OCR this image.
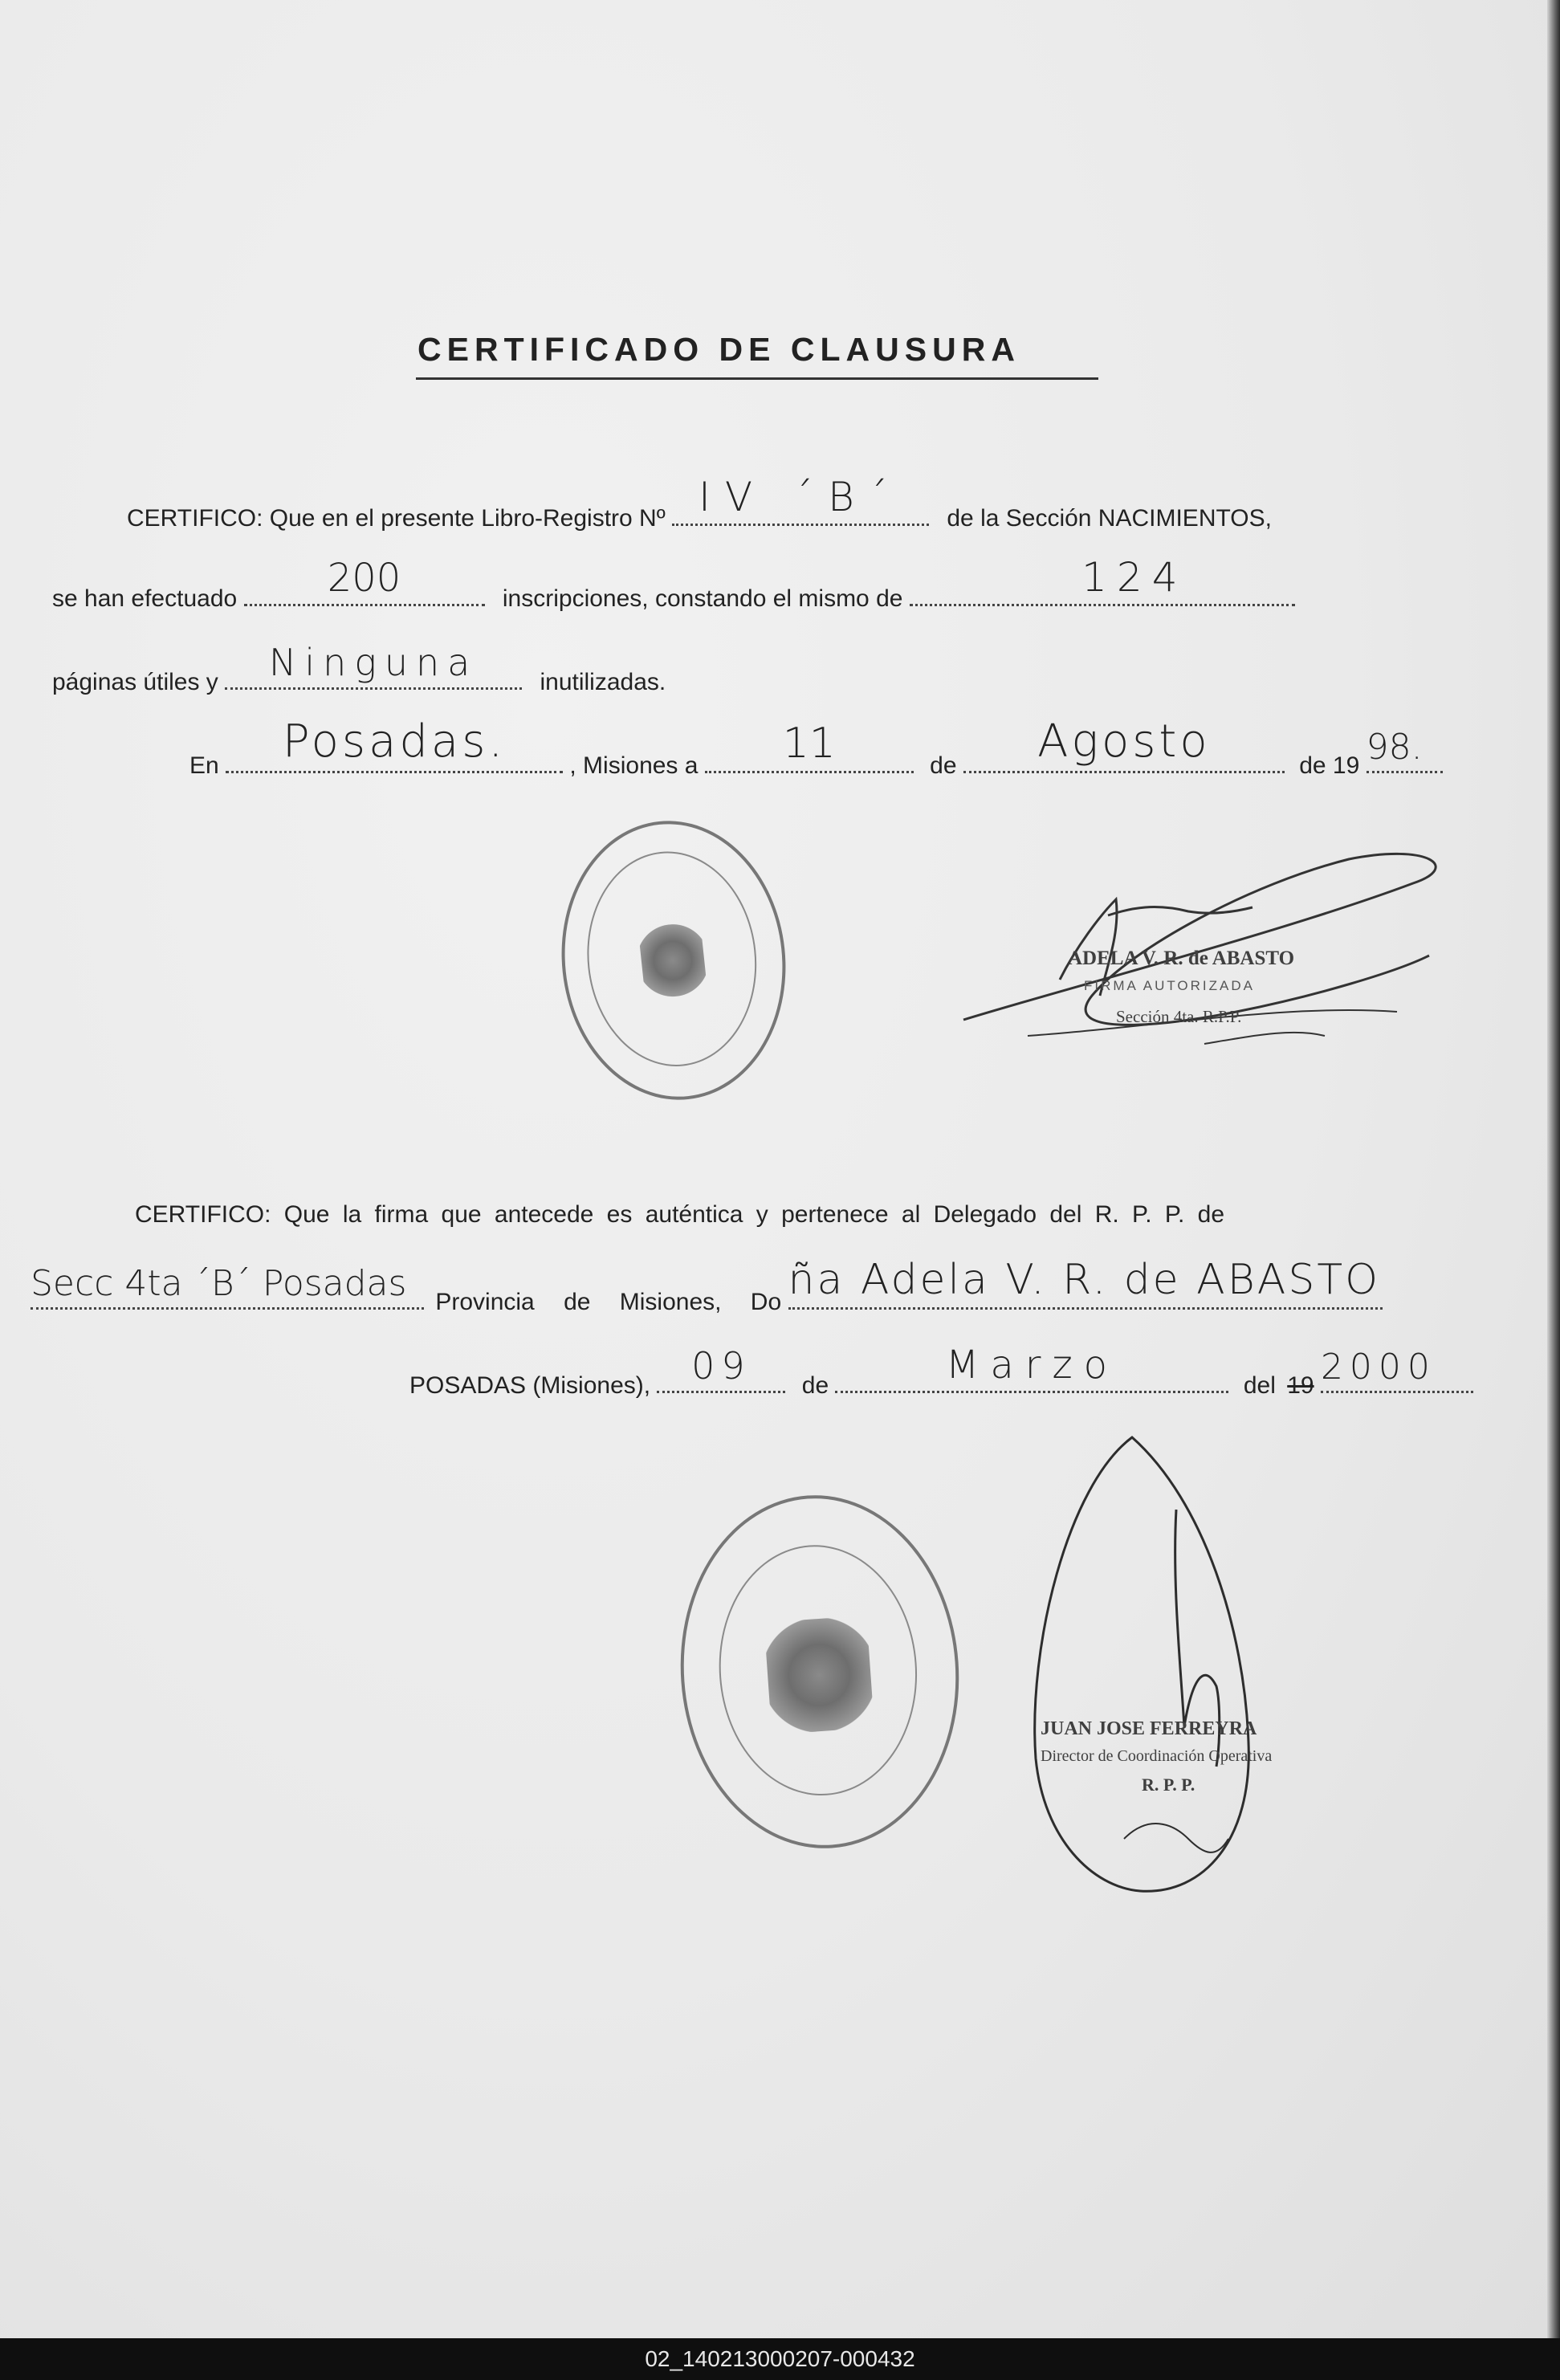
CERTIFICADO DE CLAUSURA
CERTIFICO: Que en el presente Libro-Registro Nº IV ´B´	de la Sección NACIMIENTOS,
se han efectuado	200	inscripciones, constando el mismo de	124
páginas útiles y	Ninguna	inutilizadas.
En	Posadas.	, Misiones a	11	de	Agosto	de 19 98.
ADELA V. R. de ABASTO
FIRMA AUTORIZADA
Sección 4ta. R.P.P.
CERTIFICO: Que la firma que antecede es auténtica y pertenece al Delegado del R. P. P. de
Secc 4ta ´B´ Posadas	Provincia de Misiones, Do ña Adela V. R. de ABASTO
POSADAS (Misiones),	09	de	Marzo	del 19 2000
JUAN JOSE FERREYRA
Director de Coordinación Operativa
R. P. P.
02_140213000207-000432
